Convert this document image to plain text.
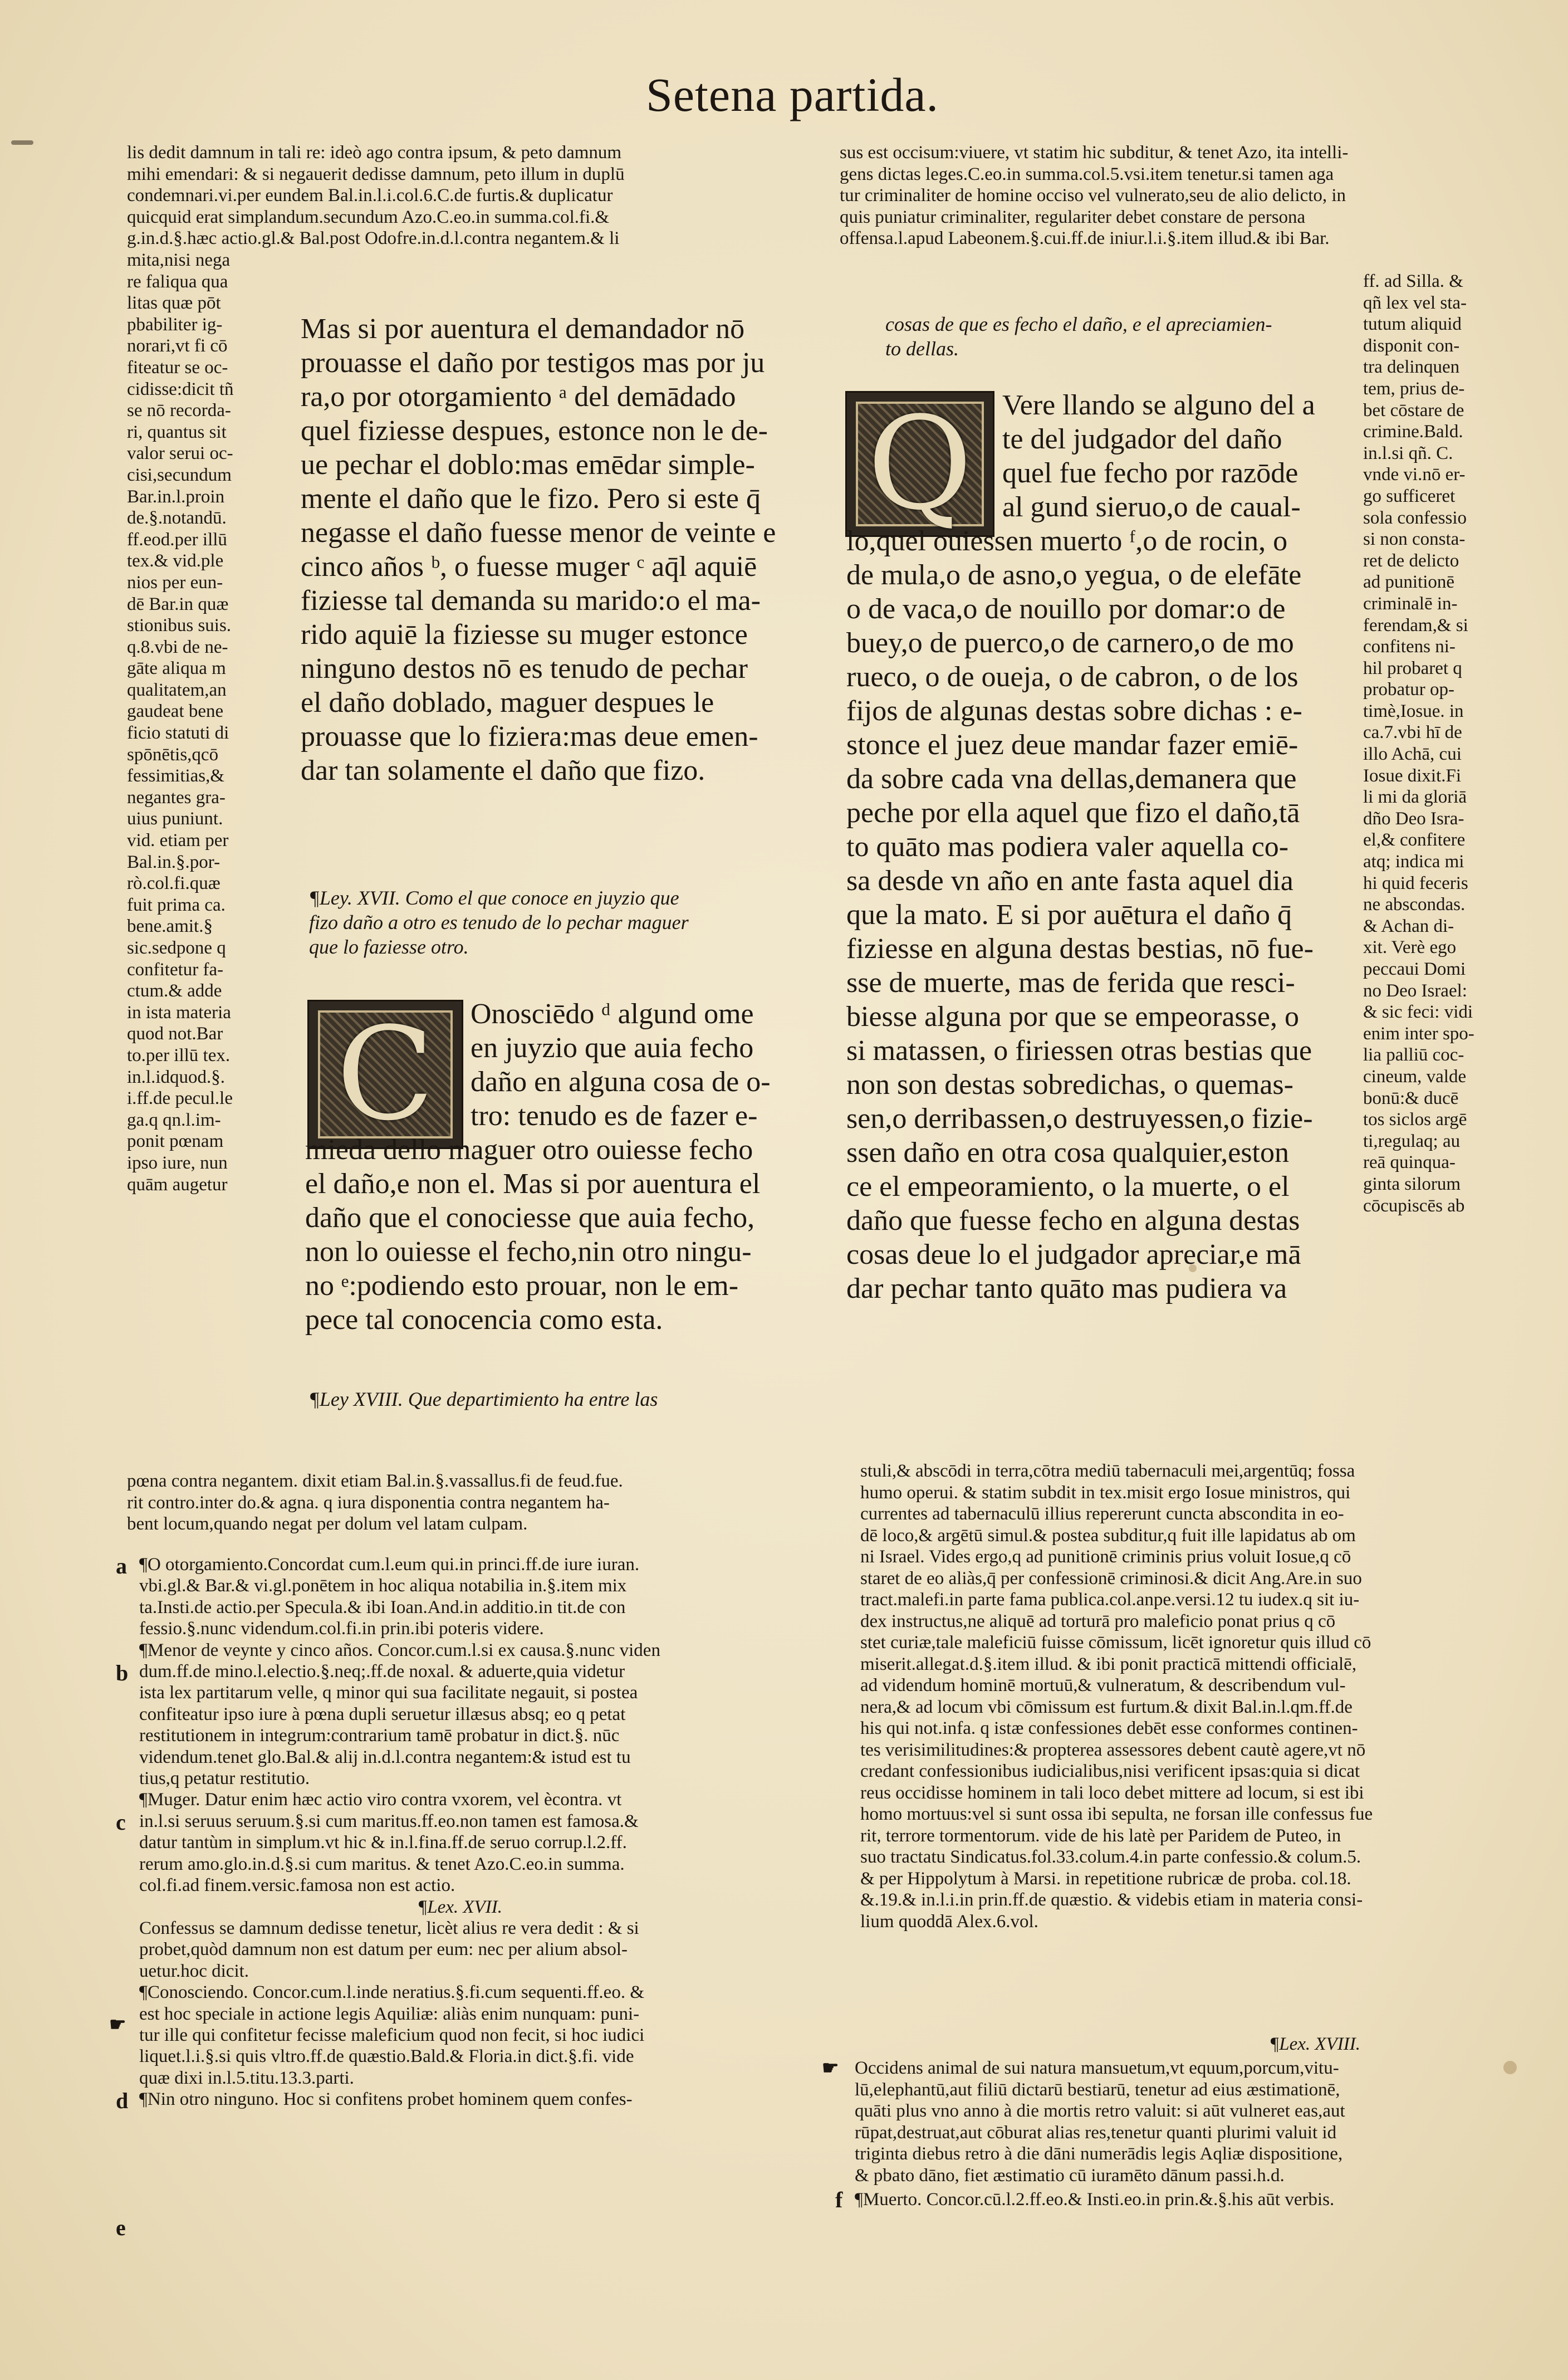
Setena partida.
lis dedit damnum in tali re: ideò ago contra ipsum, & peto damnum
mihi emendari: & si negauerit dedisse damnum, peto illum in duplū
condemnari.vi.per eundem Bal.in.l.i.col.6.C.de furtis.& duplicatur
quicquid erat simplandum.secundum Azo.C.eo.in summa.col.fi.&
g.in.d.§.hæc actio.gl.& Bal.post Odofre.in.d.l.contra negantem.& li
mita,nisi nega
re faliqua qua
litas quæ pōt
pbabiliter ig-
norari,vt fi cō
fiteatur se oc-
cidisse:dicit tñ
se nō recorda-
ri, quantus sit
valor serui oc-
cisi,secundum
Bar.in.l.proin
de.§.notandū.
ff.eod.per illū
tex.& vid.ple
nios per eun-
dē Bar.in quæ
stionibus suis.
q.8.vbi de ne-
gāte aliqua m
qualitatem,an
gaudeat bene
ficio statuti di
spōnētis,qcō
fessimitias,&
negantes gra-
uius puniunt.
vid. etiam per
Bal.in.§.por-
rò.col.fi.quæ
fuit prima ca.
bene.amit.§
sic.sedpone q
confitetur fa-
ctum.& adde
in ista materia
quod not.Bar
to.per illū tex.
in.l.idquod.§.
i.ff.de pecul.le
ga.q qn.l.im-
ponit pœnam
ipso iure, nun
quām augetur
Mas si por auentura el demandador nō
prouasse el daño por testigos mas por ju
ra,o por otorgamiento ᵃ del demādado
quel fiziesse despues, estonce non le de-
ue pechar el doblo:mas emēdar simple-
mente el daño que le fizo. Pero si este q̄
negasse el daño fuesse menor de veinte e
cinco años ᵇ, o fuesse muger ᶜ aq̄l aquiē
fiziesse tal demanda su marido:o el ma-
rido aquiē la fiziesse su muger estonce
ninguno destos nō es tenudo de pechar
el daño doblado, maguer despues le
prouasse que lo fiziera:mas deue emen-
dar tan solamente el daño que fizo.
¶Ley. XVII. Como el que conoce en juyzio que
fizo daño a otro es tenudo de lo pechar maguer
que lo faziesse otro.
C	Onosciēdo ᵈ algund ome
en juyzio que auia fecho
daño en alguna cosa de o-
tro: tenudo es de fazer e-
mieda dello maguer otro ouiesse fecho
el daño,e non el. Mas si por auentura el
daño que el conociesse que auia fecho,
non lo ouiesse el fecho,nin otro ningu-
no ᵉ:podiendo esto prouar, non le em-
pece tal conocencia como esta.
¶Ley XVIII. Que departimiento ha entre las
pœna contra negantem. dixit etiam Bal.in.§.vassallus.fi de feud.fue.
rit contro.inter do.& agna. q iura disponentia contra negantem ha-
bent locum,quando negat per dolum vel latam culpam.
¶O otorgamiento.Concordat cum.l.eum qui.in princi.ff.de iure iuran.
vbi.gl.& Bar.& vi.gl.ponētem in hoc aliqua notabilia in.§.item mix
ta.Insti.de actio.per Specula.& ibi Ioan.And.in additio.in tit.de con
fessio.§.nunc videndum.col.fi.in prin.ibi poteris videre.
¶Menor de veynte y cinco años. Concor.cum.l.si ex causa.§.nunc viden
dum.ff.de mino.l.electio.§.neq;.ff.de noxal. & aduerte,quia videtur
ista lex partitarum velle, q minor qui sua facilitate negauit, si postea
confiteatur ipso iure à pœna dupli seruetur illæsus absq; eo q petat
restitutionem in integrum:contrarium tamē probatur in dict.§. nūc
videndum.tenet glo.Bal.& alij in.d.l.contra negantem:& istud est tu
tius,q petatur restitutio.
¶Muger. Datur enim hæc actio viro contra vxorem, vel ècontra. vt
in.l.si seruus seruum.§.si cum maritus.ff.eo.non tamen est famosa.&
datur tantùm in simplum.vt hic & in.l.fina.ff.de seruo corrup.l.2.ff.
rerum amo.glo.in.d.§.si cum maritus. & tenet Azo.C.eo.in summa.
col.fi.ad finem.versic.famosa non est actio.
¶Lex. XVII.
Confessus se damnum dedisse tenetur, licèt alius re vera dedit : & si
probet,quòd damnum non est datum per eum: nec per alium absol-
uetur.hoc dicit.
¶Conosciendo. Concor.cum.l.inde neratius.§.fi.cum sequenti.ff.eo. &
est hoc speciale in actione legis Aquiliæ: aliàs enim nunquam: puni-
tur ille qui confitetur fecisse maleficium quod non fecit, si hoc iudici
liquet.l.i.§.si quis vltro.ff.de quæstio.Bald.& Floria.in dict.§.fi. vide
quæ dixi in.l.5.titu.13.3.parti.
¶Nin otro ninguno. Hoc si confitens probet hominem quem confes-
sus est occisum:viuere, vt statim hic subditur, & tenet Azo, ita intelli-
gens dictas leges.C.eo.in summa.col.5.vsi.item tenetur.si tamen aga
tur criminaliter de homine occiso vel vulnerato,seu de alio delicto, in
quis puniatur criminaliter, regulariter debet constare de persona
offensa.l.apud Labeonem.§.cui.ff.de iniur.l.i.§.item illud.& ibi Bar.
ff. ad Silla. &
qñ lex vel sta-
tutum aliquid
disponit con-
tra delinquen
tem, prius de-
bet cōstare de
crimine.Bald.
in.l.si qñ. C.
vnde vi.nō er-
go sufficeret
sola confessio
si non consta-
ret de delicto
ad punitionē
criminalē in-
ferendam,& si
confitens ni-
hil probaret q
probatur op-
timè,Iosue. in
ca.7.vbi hī de
illo Achā, cui
Iosue dixit.Fi
li mi da gloriā
dño Deo Isra-
el,& confitere
atq; indica mi
hi quid feceris
ne abscondas.
& Achan di-
xit. Verè ego
peccaui Domi
no Deo Israel:
& sic feci: vidi
enim inter spo-
lia palliū coc-
cineum, valde
bonū:& ducē
tos siclos argē
ti,regulaq; au
reā quinqua-
ginta silorum
cōcupiscēs ab
cosas de que es fecho el daño, e el apreciamien-
to dellas.
Q	Vere llando se alguno del a
te del judgador del daño
quel fue fecho por razōde
al gund sieruo,o de caual-
lo,quel ouiessen muerto ᶠ,o de rocin, o
de mula,o de asno,o yegua, o de elefāte
o de vaca,o de nouillo por domar:o de
buey,o de puerco,o de carnero,o de mo
rueco, o de oueja, o de cabron, o de los
fijos de algunas destas sobre dichas : e-
stonce el juez deue mandar fazer emiē-
da sobre cada vna dellas,demanera que
peche por ella aquel que fizo el daño,tā
to quāto mas podiera valer aquella co-
sa desde vn año en ante fasta aquel dia
que la mato. E si por auētura el daño q̄
fiziesse en alguna destas bestias, nō fue-
sse de muerte, mas de ferida que resci-
biesse alguna por que se empeorasse, o
si matassen, o firiessen otras bestias que
non son destas sobredichas, o quemas-
sen,o derribassen,o destruyessen,o fizie-
ssen daño en otra cosa qualquier,eston
ce el empeoramiento, o la muerte, o el
daño que fuesse fecho en alguna destas
cosas deue lo el judgador apreciar,e mā
dar pechar tanto quāto mas pudiera va
stuli,& abscōdi in terra,cōtra mediū tabernaculi mei,argentūq; fossa
humo operui. & statim subdit in tex.misit ergo Iosue ministros, qui
currentes ad tabernaculū illius repererunt cuncta abscondita in eo-
dē loco,& argētū simul.& postea subditur,q fuit ille lapidatus ab om
ni Israel. Vides ergo,q ad punitionē criminis prius voluit Iosue,q cō
staret de eo aliàs,q̄ per confessionē criminosi.& dicit Ang.Are.in suo
tract.malefi.in parte fama publica.col.anpe.versi.12 tu iudex.q sit iu-
dex instructus,ne aliquē ad torturā pro maleficio ponat prius q cō
stet curiæ,tale maleficiū fuisse cōmissum, licēt ignoretur quis illud cō
miserit.allegat.d.§.item illud. & ibi ponit practicā mittendi officialē,
ad videndum hominē mortuū,& vulneratum, & describendum vul-
nera,& ad locum vbi cōmissum est furtum.& dixit Bal.in.l.qm.ff.de
his qui not.infa. q istæ confessiones debēt esse conformes continen-
tes verisimilitudines:& propterea assessores debent cautè agere,vt nō
credant confessionibus iudicialibus,nisi verificent ipsas:quia si dicat
reus occidisse hominem in tali loco debet mittere ad locum, si est ibi
homo mortuus:vel si sunt ossa ibi sepulta, ne forsan ille confessus fue
rit, terrore tormentorum. vide de his latè per Paridem de Puteo, in
suo tractatu Sindicatus.fol.33.colum.4.in parte confessio.& colum.5.
& per Hippolytum à Marsi. in repetitione rubricæ de proba. col.18.
&.19.& in.l.i.in prin.ff.de quæstio. & videbis etiam in materia consi-
lium quoddā Alex.6.vol.
¶Lex. XVIII.
Occidens animal de sui natura mansuetum,vt equum,porcum,vitu-
lū,elephantū,aut filiū dictarū bestiarū, tenetur ad eius æstimationē,
quāti plus vno anno à die mortis retro valuit: si aūt vulneret eas,aut
rūpat,destruat,aut cōburat alias res,tenetur quanti plurimi valuit id
triginta diebus retro à die dāni numerādis legis Aqliæ dispositione,
& pbato dāno, fiet æstimatio cū iuramēto dānum passi.h.d.
¶Muerto. Concor.cū.l.2.ff.eo.& Insti.eo.in prin.&.§.his aūt verbis.
a
b
c
d
e
f
☛
☛
